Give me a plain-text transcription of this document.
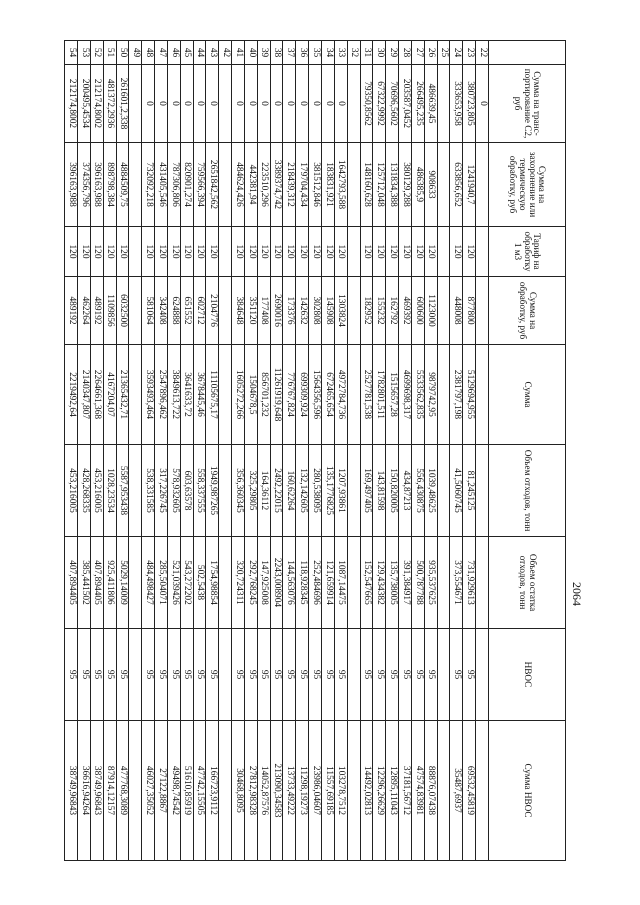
2064
	Сумма на транс- портирование С2, руб	Сумма на захоронение или термическую обработку, руб	Тариф на обработку 1 м3	Сумма на обработку, руб	Сумма	Объем отходов, тонн	Объем остатка отходов, тонн	НВОС	Сумма НВОС
22	0								
23	380723,805	1241940,7	120	877800	5129694,955	81,245125	731,929613	95	69532,45819
24	333653,958	633856,652	120	448008	2381797,198	41,5060745	373,554671	95	35487,6937
25									
26	486639,45	908633	120	1123000	9879742,95	1039,48625	935,537625	95	88876,07438
27	266495,235	486385,9	120	600600	5533562,835	556,430875	500,787788	95	47574,83981
28	203587,0452	380129,288	120	469392	4699698,317	434,87213	391,384917	95	37181,56712
29	70696,5602	131834,388	120	162792	1515657,28	150,820005	135,738005	95	12895,11043
30	67322,9992	125712,048	120	155232	1782801,511	143,81598	129,434382	95	12296,26629
31	79350,8562	148160,628	120	182952	2527781,538	169,497405	152,547665	95	14492,02813
32									
33	0	1642793,588	120	1303824	4972784,736	1207,93861	1087,14475	95	103278,7512
34	0	183831,921	120	145908	672465,654	135,1776825	121,659914	95	11557,69185
35	0	381512,846	120	302808	1564356,596	280,538095	252,484696	95	23986,04607
36	0	179704,434	120	142632	699309,924	132,142605	118,928345	95	11298,19273
37	0	218439,312	120	173376	776767,824	160,62264	144,563076	95	13733,49222
38	0	3389374,742	120	2690016	11261919,648	2492,22015	2243,008904	95	213090,34583
39	0	223510,296	120	177408	856701,232	164,36112	147,925008	95	14052,87576
40	0	442381,94	120	351120	1504678,5	325,29805	292,768245	95	27812,98328
41	0	484624,426	120	384648	1605272,266	356,360345	320,724311	95	30468,8095
42									
43	0	2651842,562	120	2104776	11105675,17	1949,987265	1754,98854	95	166723,9112
44	0	759566,394	120	602712	3678445,46	558,337555	502,5438	95	47742,15505
45	0	820901,274	120	651552	3641633,72	603,63578	543,272202	95	51610,85919
46	0	787306,806	120	624888	3849613,722	578,932605	521,039426	95	49498,74542
47	0	431405,546	120	342408	2547896,462	317,226745	285,504071	95	27122,8867
48	0	732092,218	120	581064	3593493,464	538,331585	484,498427	95	46027,35052
49									
50	261601,2,338	4884509,75	120	6032500	21365432,71	5587,953438	5029,14009	95	477768,3089
51	481372,2936	898798,384	120	1109856	4167204,07	1028,23534	925,411806	95	87914,12157
52	212174,8002	396163,988	120	489192	2264661,368	453,216005	407,894405	95	38749,96843
53	200495,4534	374356,796	120	462264	2140347,807	428,268335	385,441502	95	36616,94264
54	212174,8002	396163,988	120	489192	2219492,64	453,216005	407,894405	95	38749,96843
